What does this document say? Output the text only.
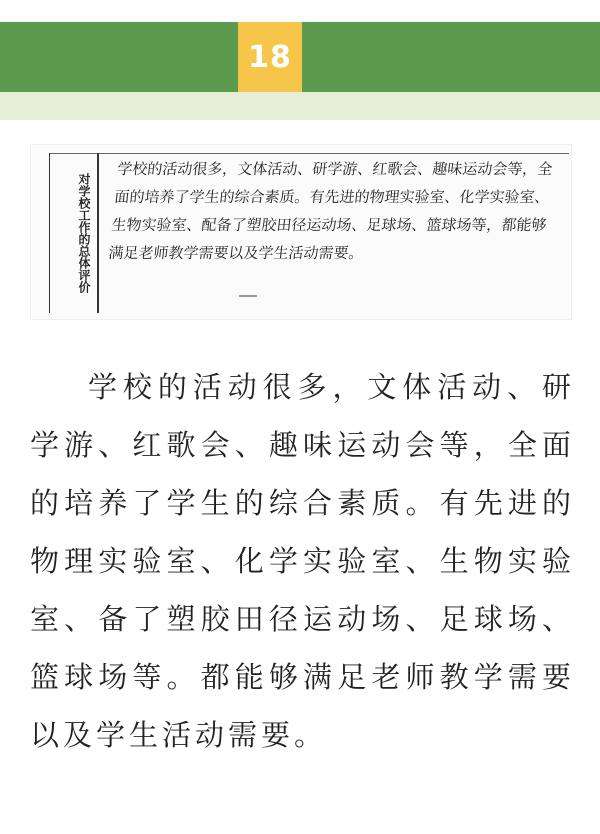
18
对学校工作的总体评价
学校的活动很多，文体活动、研学游、红歌会、趣味运动会等，全面的培养了学生的综合素质。有先进的物理实验室、化学实验室、生物实验室、配备了塑胶田径运动场、足球场、篮球场等，都能够满足老师教学需要以及学生活动需要。
学校的活动很多，文体活动、研学游、红歌会、趣味运动会等，全面的培养了学生的综合素质。有先进的物理实验室、化学实验室、生物实验室、备了塑胶田径运动场、足球场、篮球场等。都能够满足老师教学需要以及学生活动需要。
